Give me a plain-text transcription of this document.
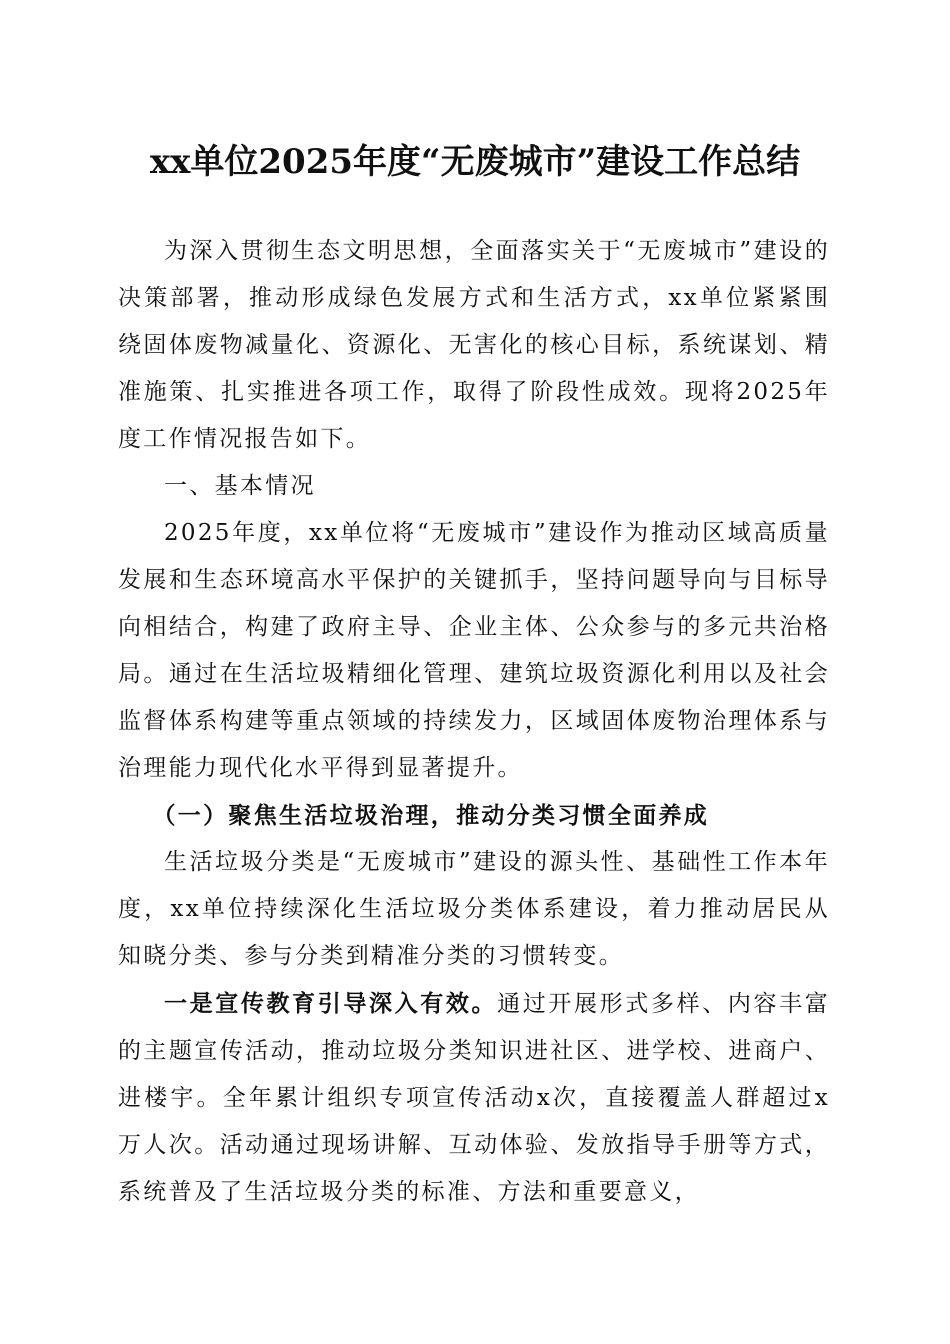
xx单位2025年度“无废城市”建设工作总结

为深入贯彻生态文明思想，全面落实关于“无废城市”建设的决策部署，推动形成绿色发展方式和生活方式，xx单位紧紧围绕固体废物减量化、资源化、无害化的核心目标，系统谋划、精准施策、扎实推进各项工作，取得了阶段性成效。现将2025年度工作情况报告如下。

一、基本情况

2025年度，xx单位将“无废城市”建设作为推动区域高质量发展和生态环境高水平保护的关键抓手，坚持问题导向与目标导向相结合，构建了政府主导、企业主体、公众参与的多元共治格局。通过在生活垃圾精细化管理、建筑垃圾资源化利用以及社会监督体系构建等重点领域的持续发力，区域固体废物治理体系与治理能力现代化水平得到显著提升。

（一）聚焦生活垃圾治理，推动分类习惯全面养成

生活垃圾分类是“无废城市”建设的源头性、基础性工作本年度，xx单位持续深化生活垃圾分类体系建设，着力推动居民从知晓分类、参与分类到精准分类的习惯转变。

一是宣传教育引导深入有效。通过开展形式多样、内容丰富的主题宣传活动，推动垃圾分类知识进社区、进学校、进商户、进楼宇。全年累计组织专项宣传活动x次，直接覆盖人群超过x万人次。活动通过现场讲解、互动体验、发放指导手册等方式，系统普及了生活垃圾分类的标准、方法和重要意义，
